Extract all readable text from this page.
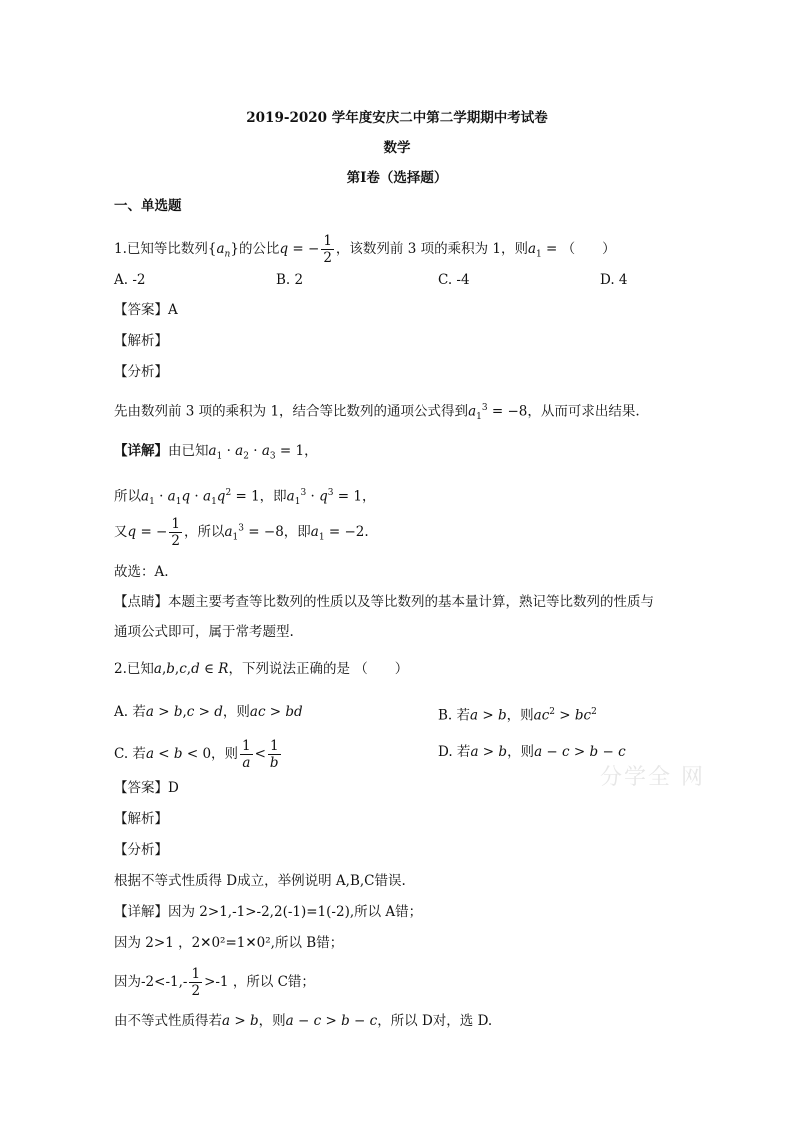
2019-2020 学年度安庆二中第二学期期中考试卷
数学
第Ⅰ卷（选择题）
一、单选题
1.已知等比数列$\{a_n\}$的公比q = − $\frac{1}{2}$ ，该数列前 3 项的乘积为 1，则$a_1$ = （　　）
A. -2	B. 2	C. -4	D. 4
【答案】A
【解析】
【分析】
先由数列前 3 项的乘积为 1，结合等比数列的通项公式得到$a_1^3 = -8$，从而可求出结果.
【详解】由已知$a_1 \cdot a_2 \cdot a_3 = 1$，
所以$a_1 \cdot a_1q \cdot a_1q^2 = 1$，即$a_1^3 \cdot q^3 = 1$，
又q = − $\frac{1}{2}$ ，所以$a_1^3 = -8$，即$a_1 = -2$.
故选：A.
【点睛】本题主要考查等比数列的性质以及等比数列的基本量计算，熟记等比数列的性质与
通项公式即可，属于常考题型.
2.已知a,b,c,d ∈ R，下列说法正确的是 （　　）
A. 若a > b,c > d，则ac > bd	B. 若a > b，则$ac^2 > bc^2$
C. 若a < b < 0，则 $\frac{1}{a} < \frac{1}{b}$	D. 若a > b，则a − c > b − c
【答案】D
【解析】
【分析】
根据不等式性质得 D成立，举例说明 A,B,C错误.
【详解】因为 2>1,-1>-2,2(-1)=1(-2),所以 A错；
因为 2>1 ，2✕0²=1✕0²,所以 B错；
因为$-2<-1,- \frac{1}{2} >-1$ ，所以 C错；
由不等式性质得若a > b，则a − c > b − c，所以 D对，选 D.
分学全 网
